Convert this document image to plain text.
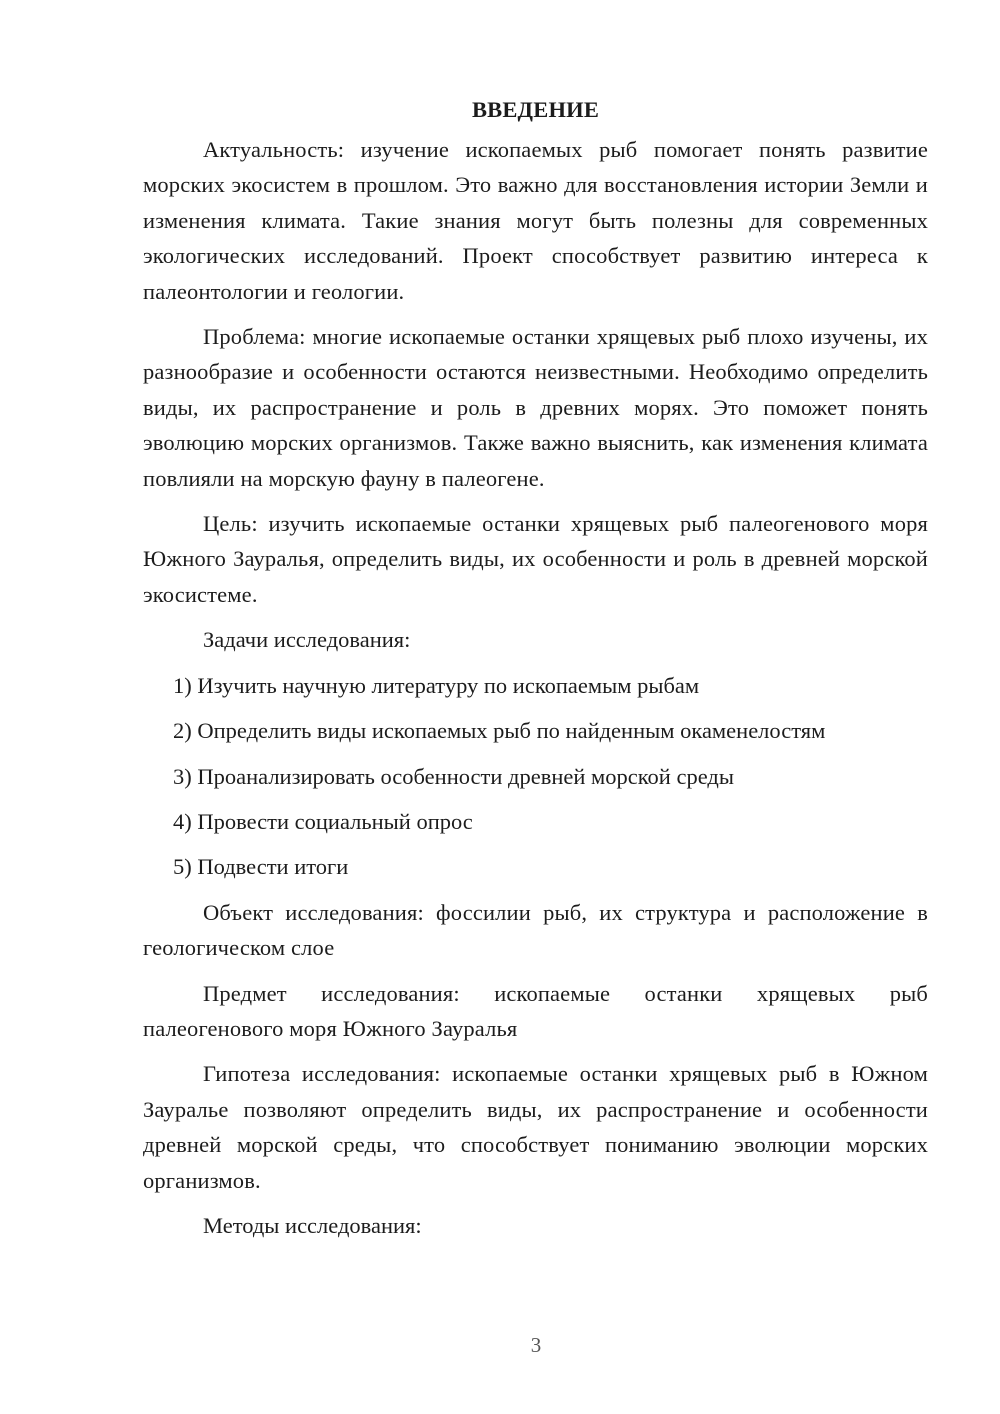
ВВЕДЕНИЕ

Актуальность: изучение ископаемых рыб помогает понять развитие морских экосистем в прошлом. Это важно для восстановления истории Земли и изменения климата. Такие знания могут быть полезны для современных экологических исследований. Проект способствует развитию интереса к палеонтологии и геологии.

Проблема: многие ископаемые останки хрящевых рыб плохо изучены, их разнообразие и особенности остаются неизвестными. Необходимо определить виды, их распространение и роль в древних морях. Это поможет понять эволюцию морских организмов. Также важно выяснить, как изменения климата повлияли на морскую фауну в палеогене.

Цель: изучить ископаемые останки хрящевых рыб палеогенового моря Южного Зауралья, определить виды, их особенности и роль в древней морской экосистеме.

Задачи исследования:

1) Изучить научную литературу по ископаемым рыбам
2) Определить виды ископаемых рыб по найденным окаменелостям
3) Проанализировать особенности древней морской среды
4) Провести социальный опрос
5) Подвести итоги

Объект исследования: фоссилии рыб, их структура и расположение в геологическом слое

Предмет исследования: ископаемые останки хрящевых рыб палеогенового моря Южного Зауралья

Гипотеза исследования: ископаемые останки хрящевых рыб в Южном Зауралье позволяют определить виды, их распространение и особенности древней морской среды, что способствует пониманию эволюции морских организмов.

Методы исследования:

3
